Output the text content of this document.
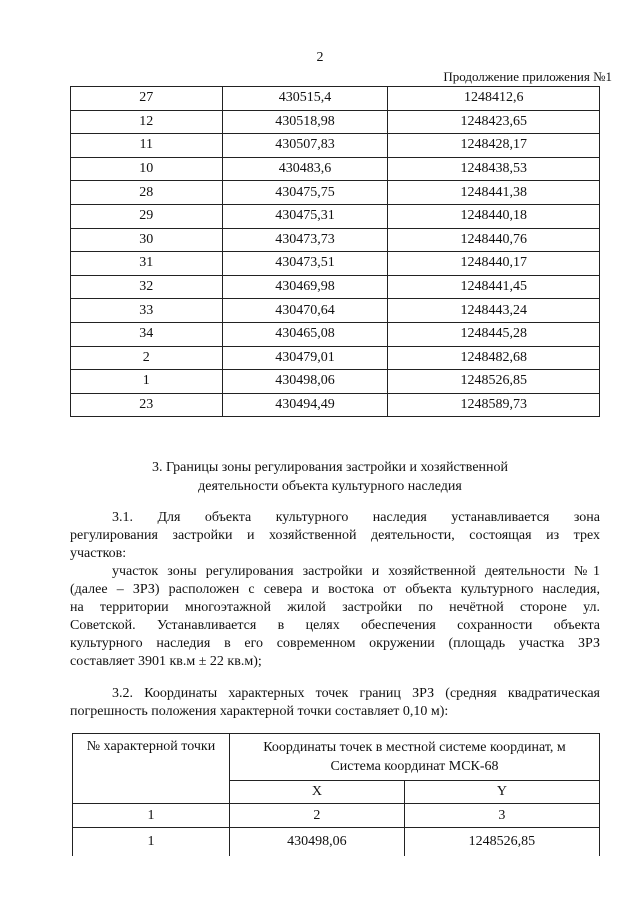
2
Продолжение приложения №1
27	430515,4	1248412,6
12	430518,98	1248423,65
11	430507,83	1248428,17
10	430483,6	1248438,53
28	430475,75	1248441,38
29	430475,31	1248440,18
30	430473,73	1248440,76
31	430473,51	1248440,17
32	430469,98	1248441,45
33	430470,64	1248443,24
34	430465,08	1248445,28
2	430479,01	1248482,68
1	430498,06	1248526,85
23	430494,49	1248589,73
3. Границы зоны регулирования застройки и хозяйственной
деятельности объекта культурного наследия
3.1. Для объекта культурного наследия устанавливается зона
регулирования застройки и хозяйственной деятельности, состоящая из трех
участков:
участок зоны регулирования застройки и хозяйственной деятельности №1
(далее – ЗРЗ) расположен с севера и востока от объекта культурного наследия,
на территории многоэтажной жилой застройки по нечётной стороне ул.
Советской. Устанавливается в целях обеспечения сохранности объекта
культурного наследия в его современном окружении (площадь участка ЗРЗ
составляет 3901 кв.м ± 22 кв.м);
3.2. Координаты характерных точек границ ЗРЗ (средняя квадратическая
погрешность положения характерной точки составляет 0,10 м):
№ характерной точки	Координаты точек в местной системе координат, м
Система координат МСК-68	

	X	Y
1	2	3
1	430498,06	1248526,85
